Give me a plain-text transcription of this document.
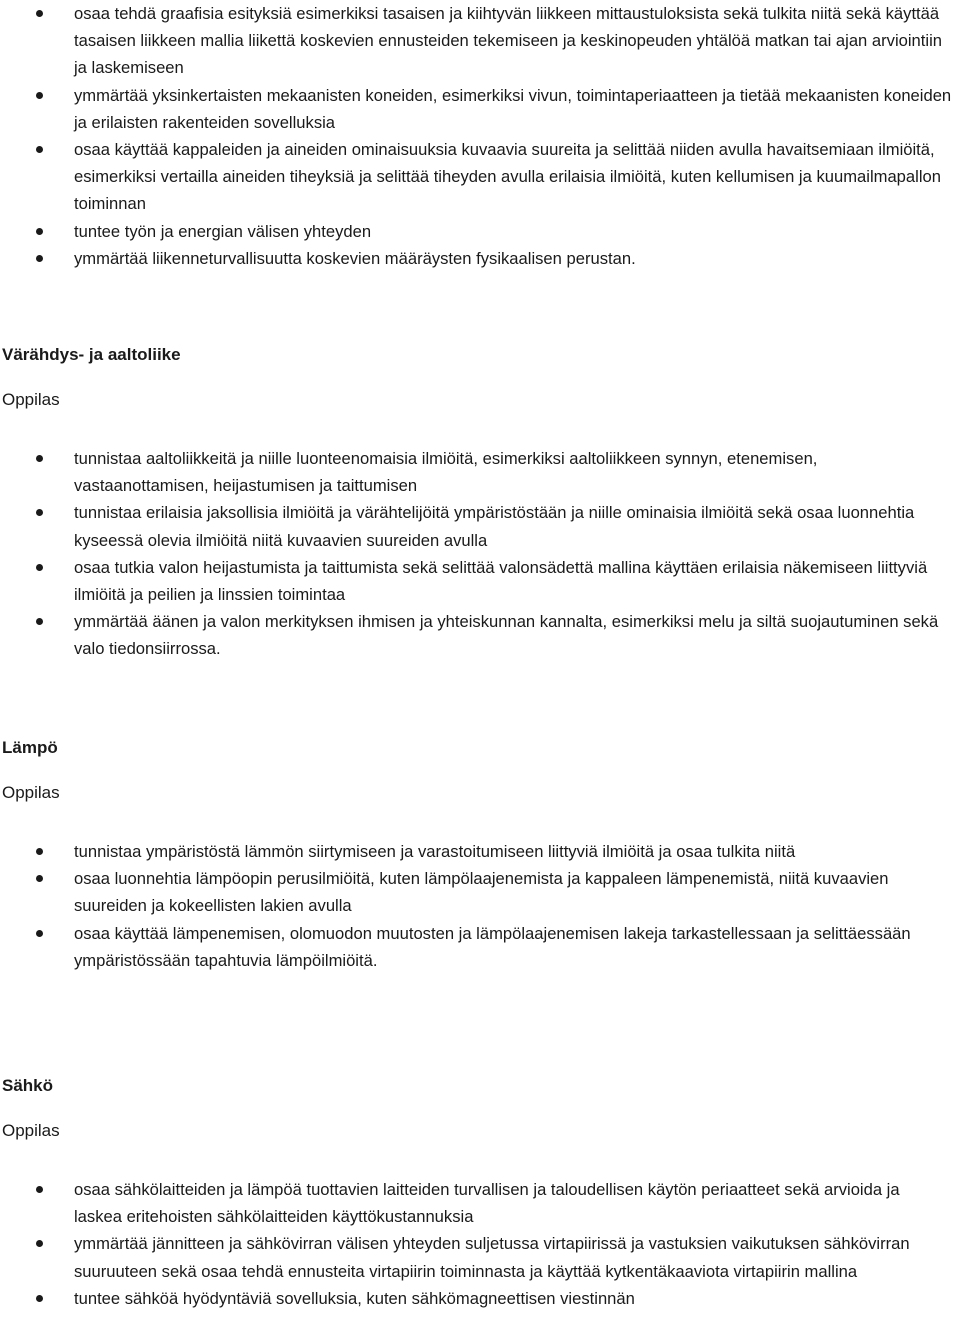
osaa tehdä graafisia esityksiä esimerkiksi tasaisen ja kiihtyvän liikkeen mittaustuloksista sekä tulkita niitä sekä käyttää tasaisen liikkeen mallia liikettä koskevien ennusteiden tekemiseen ja keskinopeuden yhtälöä matkan tai ajan arviointiin ja laskemiseen
ymmärtää yksinkertaisten mekaanisten koneiden, esimerkiksi vivun, toimintaperiaatteen ja tietää mekaanisten koneiden ja erilaisten rakenteiden sovelluksia
osaa käyttää kappaleiden ja aineiden ominaisuuksia kuvaavia suureita ja selittää niiden avulla havaitsemiaan ilmiöitä, esimerkiksi vertailla aineiden tiheyksiä ja selittää tiheyden avulla erilaisia ilmiöitä, kuten kellumisen ja kuumailmapallon toiminnan
tuntee työn ja energian välisen yhteyden
ymmärtää liikenneturvallisuutta koskevien määräysten fysikaalisen perustan.
Värähdys- ja aaltoliike

Oppilas

tunnistaa aaltoliikkeitä ja niille luonteenomaisia ilmiöitä, esimerkiksi aaltoliikkeen synnyn, etenemisen, vastaanottamisen, heijastumisen ja taittumisen
tunnistaa erilaisia jaksollisia ilmiöitä ja värähtelijöitä ympäristöstään ja niille ominaisia ilmiöitä sekä osaa luonnehtia kyseessä olevia ilmiöitä niitä kuvaavien suureiden avulla
osaa tutkia valon heijastumista ja taittumista sekä selittää valonsädettä mallina käyttäen erilaisia näkemiseen liittyviä ilmiöitä ja peilien ja linssien toimintaa
ymmärtää äänen ja valon merkityksen ihmisen ja yhteiskunnan kannalta, esimerkiksi melu ja siltä suojautuminen sekä valo tiedonsiirrossa.
Lämpö

Oppilas

tunnistaa ympäristöstä lämmön siirtymiseen ja varastoitumiseen liittyviä ilmiöitä ja osaa tulkita niitä
osaa luonnehtia lämpöopin perusilmiöitä, kuten lämpölaajenemista ja kappaleen lämpenemistä, niitä kuvaavien suureiden ja kokeellisten lakien avulla
osaa käyttää lämpenemisen, olomuodon muutosten ja lämpölaajenemisen lakeja tarkastellessaan ja selittäessään ympäristössään tapahtuvia lämpöilmiöitä.
Sähkö

Oppilas

osaa sähkölaitteiden ja lämpöä tuottavien laitteiden turvallisen ja taloudellisen käytön periaatteet sekä arvioida ja laskea eritehoisten sähkölaitteiden käyttökustannuksia
ymmärtää jännitteen ja sähkövirran välisen yhteyden suljetussa virtapiirissä ja vastuksien vaikutuksen sähkövirran suuruuteen sekä osaa tehdä ennusteita virtapiirin toiminnasta ja käyttää kytkentäkaaviota virtapiirin mallina
tuntee sähköä hyödyntäviä sovelluksia, kuten sähkömagneettisen viestinnän
